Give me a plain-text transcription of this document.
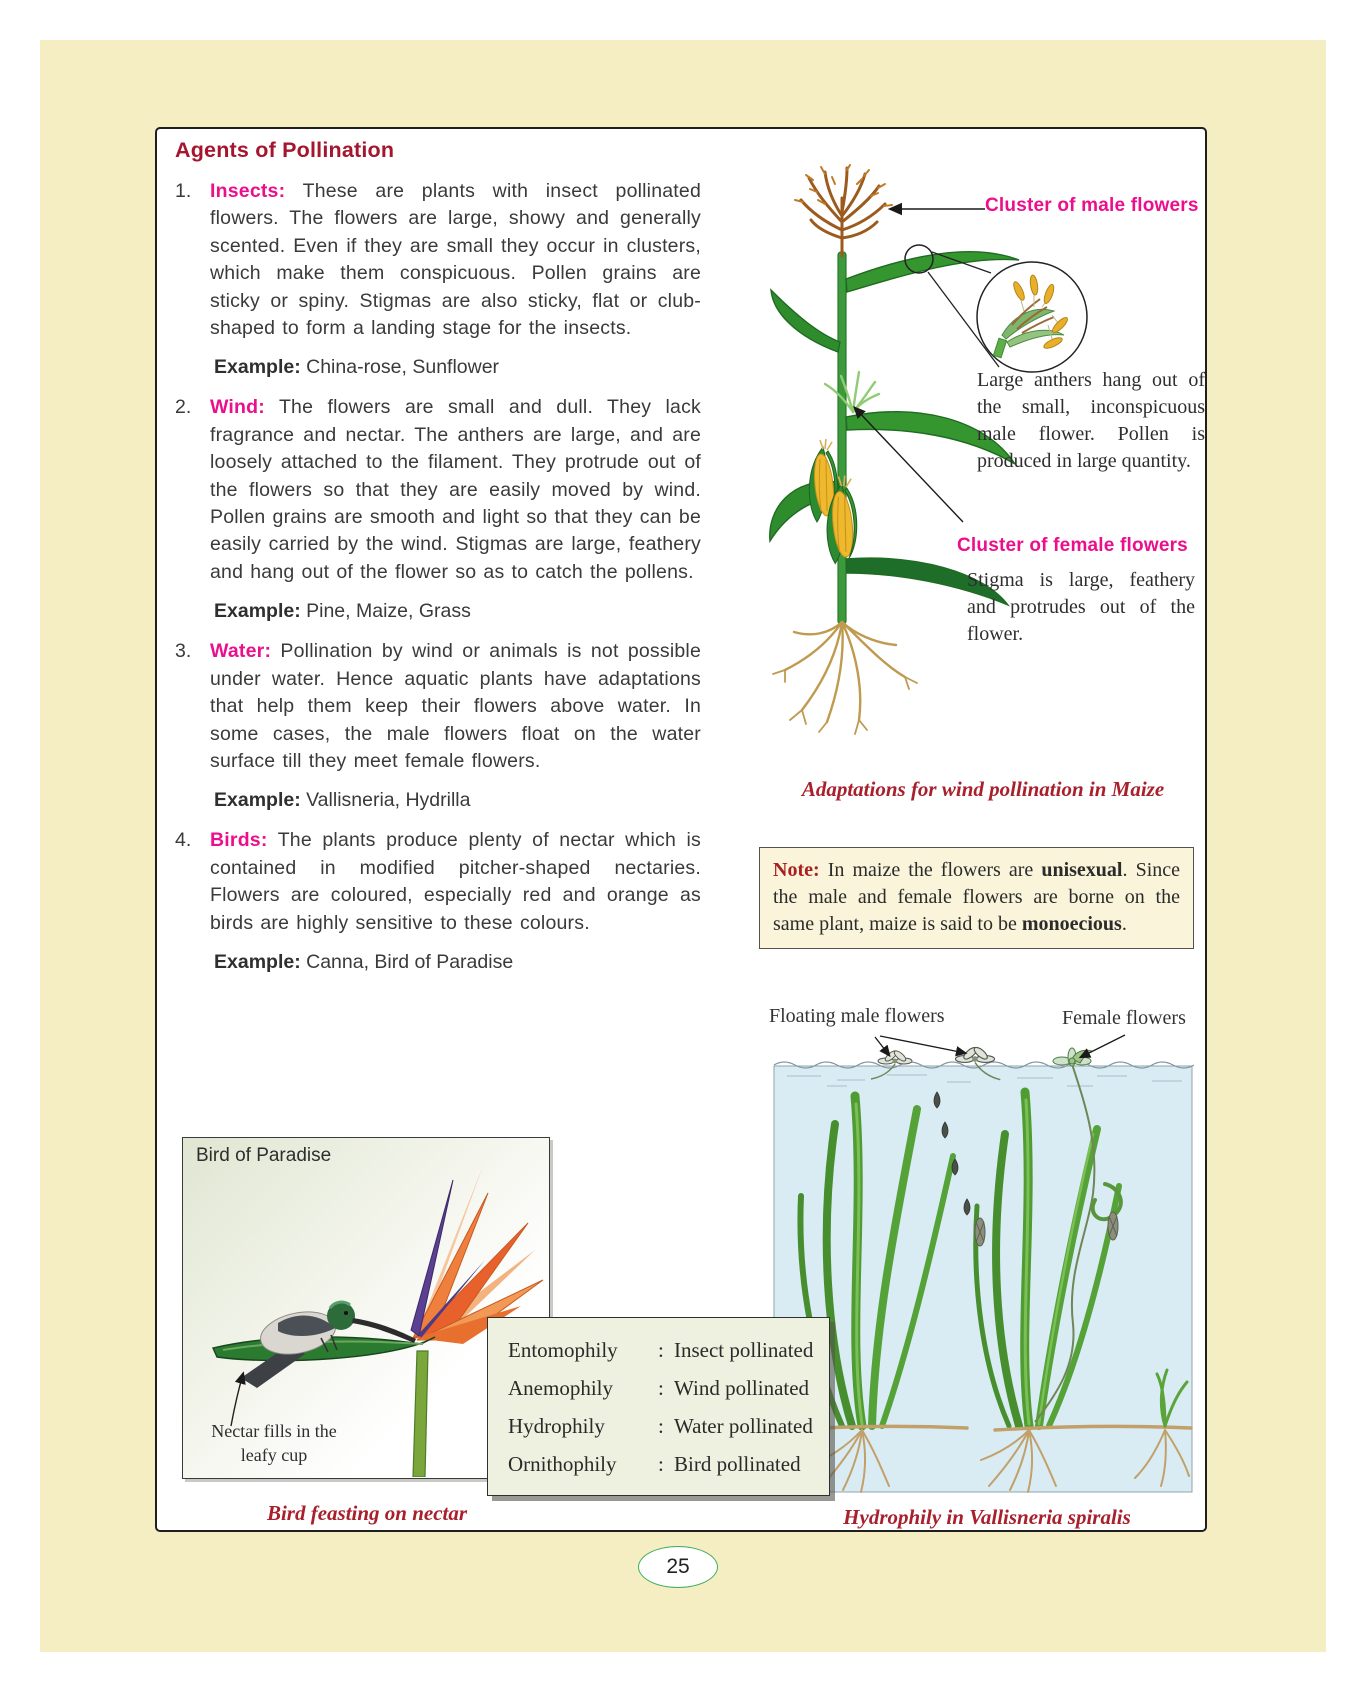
Agents of Pollination
1. Insects: These are plants with insect pollinated flowers. The flowers are large, showy and generally scented. Even if they are small they occur in clusters, which make them conspicuous. Pollen grains are sticky or spiny. Stigmas are also sticky, flat or club-shaped to form a landing stage for the insects.
Example: China-rose, Sunflower
2. Wind: The flowers are small and dull. They lack fragrance and nectar. The anthers are large, and are loosely attached to the filament. They protrude out of the flowers so that they are easily moved by wind. Pollen grains are smooth and light so that they can be easily carried by the wind. Stigmas are large, feathery and hang out of the flower so as to catch the pollens.
Example: Pine, Maize, Grass
3. Water: Pollination by wind or animals is not possible under water. Hence aquatic plants have adaptations that help them keep their flowers above water. In some cases, the male flowers float on the water surface till they meet female flowers.
Example: Vallisneria, Hydrilla
4. Birds: The plants produce plenty of nectar which is contained in modified pitcher-shaped nectaries. Flowers are coloured, especially red and orange as birds are highly sensitive to these colours.
Example: Canna, Bird of Paradise
Cluster of male flowers
Large anthers hang out of the small, inconspicuous male flower. Pollen is produced in large quantity.
Cluster of female flowers
Stigma is large, feathery and protrudes out of the flower.
Adaptations for wind pollination in Maize
Note: In maize the flowers are unisexual. Since the male and female flowers are borne on the same plant, maize is said to be monoecious.
Floating male flowers	Female flowers
Hydrophily in Vallisneria spiralis
Bird of Paradise
Nectar fills in the
leafy cup
Bird feasting on nectar
Entomophily : Insect pollinated
Anemophily : Wind pollinated
Hydrophily	: Water pollinated
Ornithophily : Bird pollinated
25
